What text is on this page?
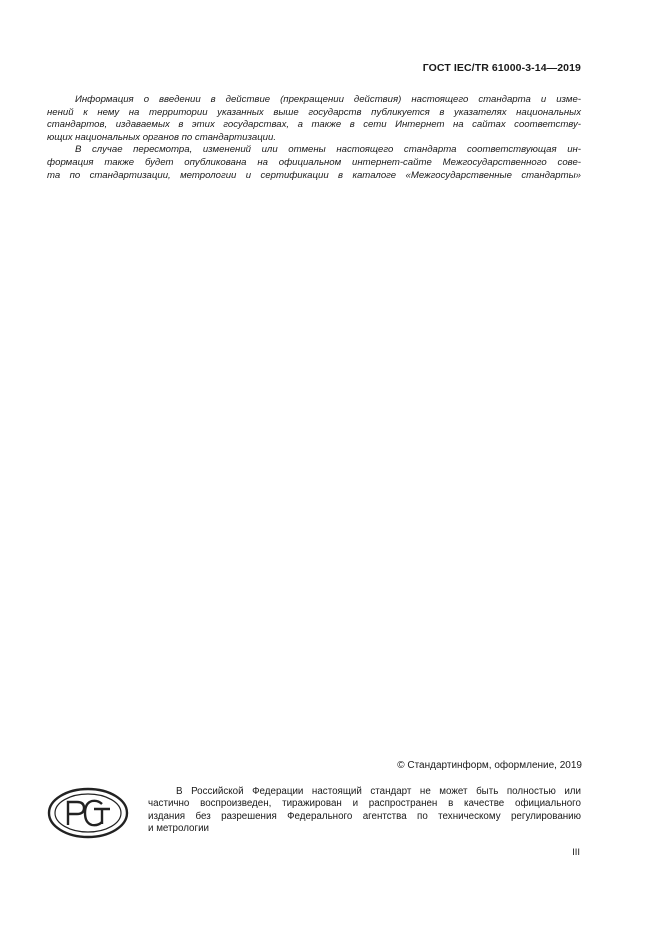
ГОСТ IEC/TR 61000-3-14—2019
Информация о введении в действие (прекращении действия) настоящего стандарта и изме-
нений к нему на территории указанных выше государств публикуется в указателях национальных
стандартов, издаваемых в этих государствах, а также в сети Интернет на сайтах соответству-
ющих национальных органов по стандартизации.
В случае пересмотра, изменений или отмены настоящего стандарта соответствующая ин-
формация также будет опубликована на официальном интернет-сайте Межгосударственного сове-
та по стандартизации, метрологии и сертификации в каталоге «Межгосударственные стандарты»
© Стандартинформ, оформление, 2019
В Российской Федерации настоящий стандарт не может быть полностью или
частично воспроизведен, тиражирован и распространен в качестве официального
издания без разрешения Федерального агентства по техническому регулированию
и метрологии
III
